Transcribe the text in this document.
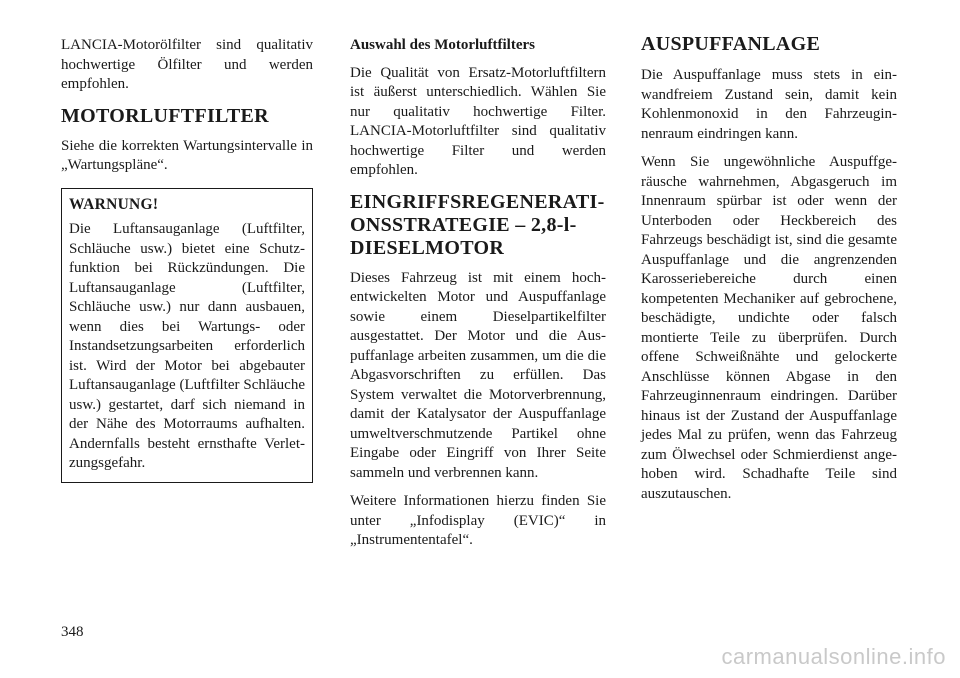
LANCIA-Motorölfilter sind qualitativ hochwertige Ölfilter und werden empfohlen.

MOTORLUFTFILTER

Siehe die korrekten Wartungsintervalle in „Wartungspläne“.

WARNUNG!

Die Luftansauganlage (Luftfilter, Schläuche usw.) bietet eine Schutzfunktion bei Rückzündungen. Die Luftansauganlage (Luftfilter, Schläuche usw.) nur dann ausbauen, wenn dies bei Wartungs- oder Instandsetzungsarbeiten erforderlich ist. Wird der Motor bei abgebauter Luftansauganlage (Luftfilter Schläuche usw.) gestartet, darf sich niemand in der Nähe des Motorraums aufhalten. Andernfalls besteht ernsthafte Verletzungsgefahr.

Auswahl des Motorluftfilters

Die Qualität von Ersatz-Motorluftfiltern ist äußerst unterschiedlich. Wählen Sie nur qualitativ hochwertige Filter. LANCIA-Motorluftfilter sind qualitativ hochwertige Filter und werden empfohlen.

EINGRIFFSREGENERATIONSSTRATEGIE – 2,8-l-DIESELMOTOR

Dieses Fahrzeug ist mit einem hochentwickelten Motor und Auspuffanlage sowie einem Dieselpartikelfilter ausgestattet. Der Motor und die Auspuffanlage arbeiten zusammen, um die die Abgasvorschriften zu erfüllen. Das System verwaltet die Motorverbrennung, damit der Katalysator der Auspuffanlage umweltverschmutzende Partikel ohne Eingabe oder Eingriff von Ihrer Seite sammeln und verbrennen kann.

Weitere Informationen hierzu finden Sie unter „Infodisplay (EVIC)“ in „Instrumententafel“.

AUSPUFFANLAGE

Die Auspuffanlage muss stets in einwandfreiem Zustand sein, damit kein Kohlenmonoxid in den Fahrzeuginnenraum eindringen kann.

Wenn Sie ungewöhnliche Auspuffgeräusche wahrnehmen, Abgasgeruch im Innenraum spürbar ist oder wenn der Unterboden oder Heckbereich des Fahrzeugs beschädigt ist, sind die gesamte Auspuffanlage und die angrenzenden Karosseriebereiche durch einen kompetenten Mechaniker auf gebrochene, beschädigte, undichte oder falsch montierte Teile zu überprüfen. Durch offene Schweißnähte und gelockerte Anschlüsse können Abgase in den Fahrzeuginnenraum eindringen. Darüber hinaus ist der Zustand der Auspuffanlage jedes Mal zu prüfen, wenn das Fahrzeug zum Ölwechsel oder Schmierdienst angehoben wird. Schadhafte Teile sind auszutauschen.

348
carmanualsonline.info
